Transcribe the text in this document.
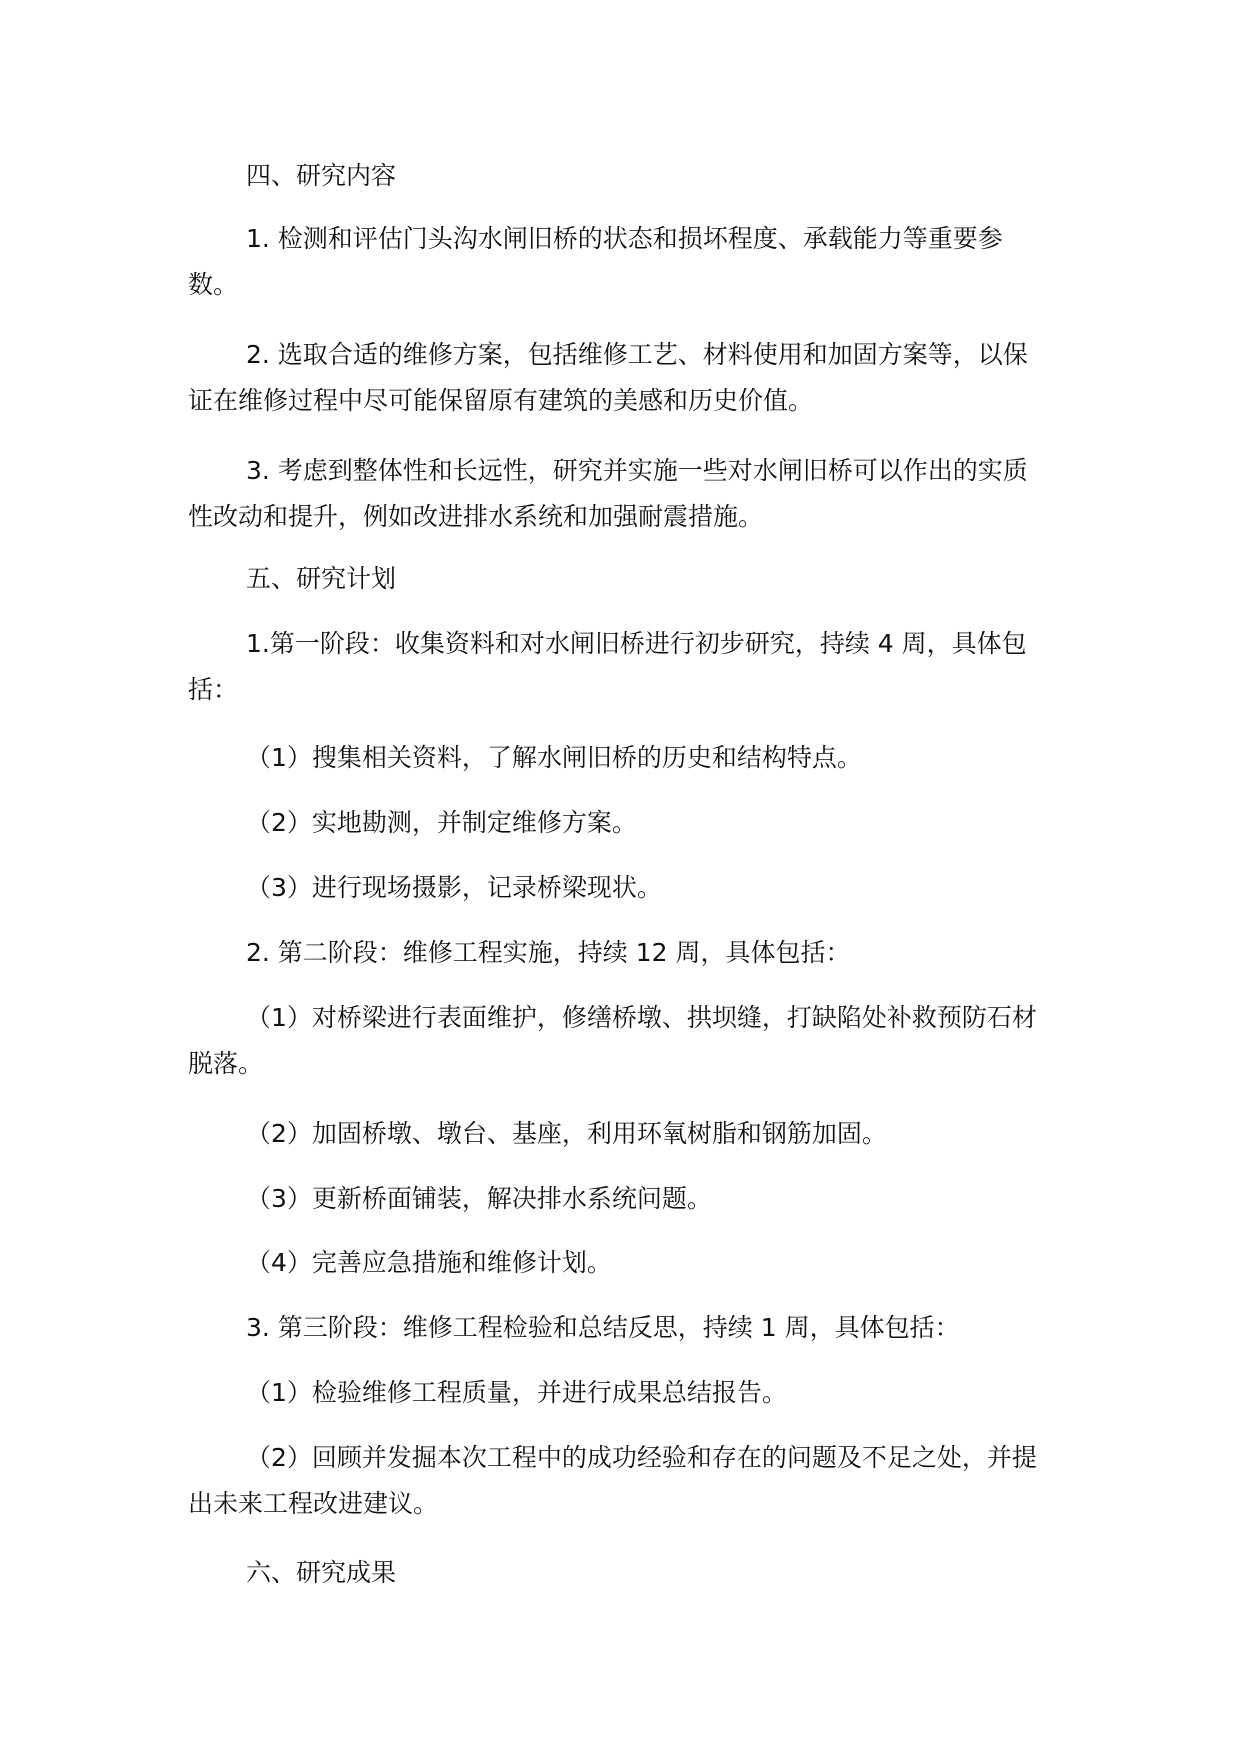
四、研究内容

1. 检测和评估门头沟水闸旧桥的状态和损坏程度、承载能力等重要参数。

2. 选取合适的维修方案，包括维修工艺、材料使用和加固方案等，以保证在维修过程中尽可能保留原有建筑的美感和历史价值。

3. 考虑到整体性和长远性，研究并实施一些对水闸旧桥可以作出的实质性改动和提升，例如改进排水系统和加强耐震措施。

五、研究计划

1.第一阶段：收集资料和对水闸旧桥进行初步研究，持续 4 周，具体包括：

（1）搜集相关资料，了解水闸旧桥的历史和结构特点。

（2）实地勘测，并制定维修方案。

（3）进行现场摄影，记录桥梁现状。

2. 第二阶段：维修工程实施，持续 12 周，具体包括：

（1）对桥梁进行表面维护，修缮桥墩、拱坝缝，打缺陷处补救预防石材脱落。

（2）加固桥墩、墩台、基座，利用环氧树脂和钢筋加固。

（3）更新桥面铺装，解决排水系统问题。

（4）完善应急措施和维修计划。

3. 第三阶段：维修工程检验和总结反思，持续 1 周，具体包括：

（1）检验维修工程质量，并进行成果总结报告。

（2）回顾并发掘本次工程中的成功经验和存在的问题及不足之处，并提出未来工程改进建议。

六、研究成果
